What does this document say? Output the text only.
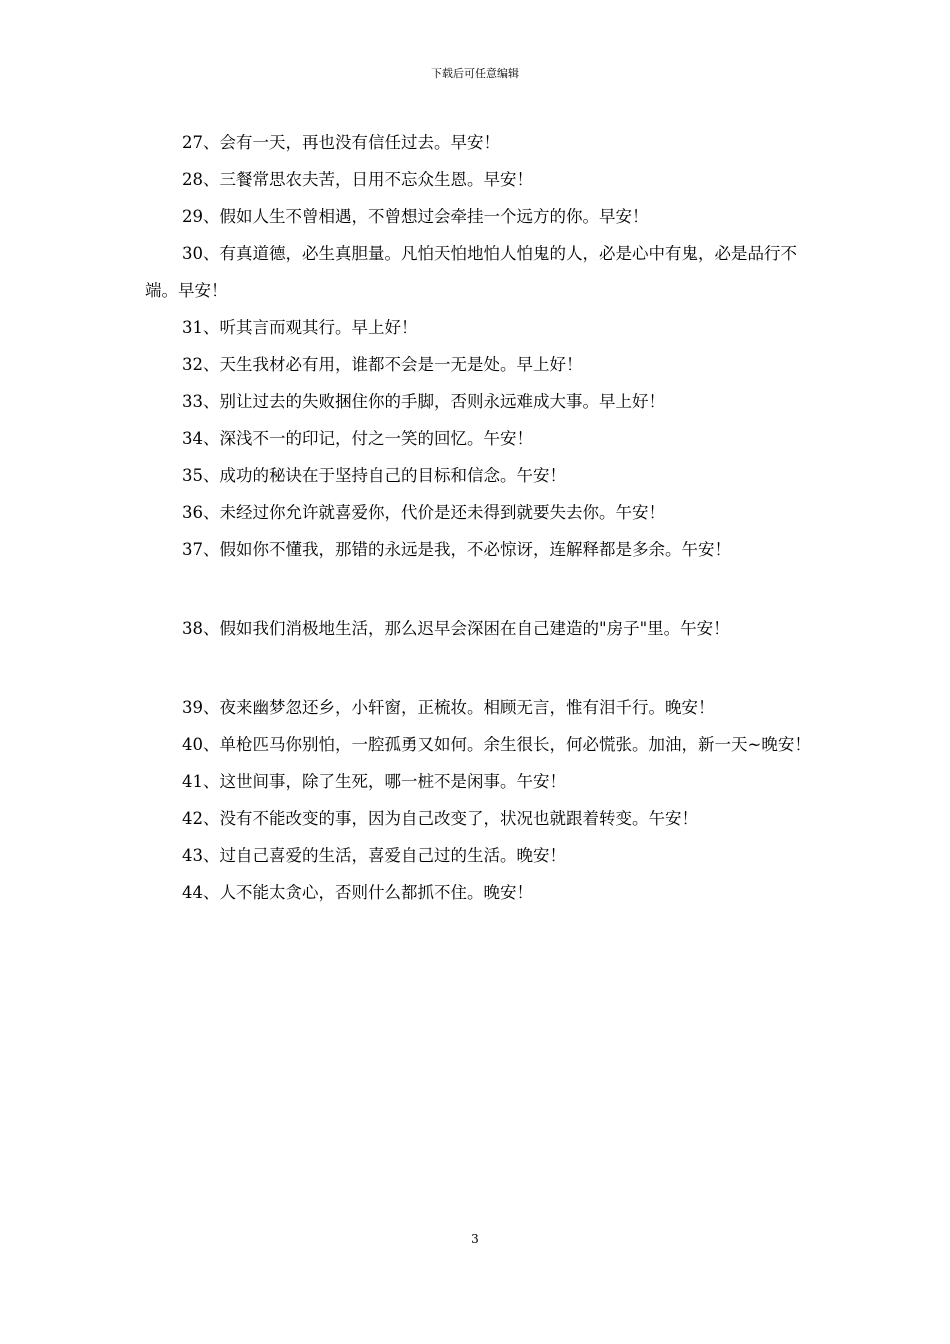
下载后可任意编辑

27、会有一天，再也没有信任过去。早安！

28、三餐常思农夫苦，日用不忘众生恩。早安！

29、假如人生不曾相遇，不曾想过会牵挂一个远方的你。早安！

30、有真道德，必生真胆量。凡怕天怕地怕人怕鬼的人，必是心中有鬼，必是品行不端。早安！

31、听其言而观其行。早上好！

32、天生我材必有用，谁都不会是一无是处。早上好！

33、别让过去的失败捆住你的手脚，否则永远难成大事。早上好！

34、深浅不一的印记，付之一笑的回忆。午安！

35、成功的秘诀在于坚持自己的目标和信念。午安！

36、未经过你允许就喜爱你，代价是还未得到就要失去你。午安！

37、假如你不懂我，那错的永远是我，不必惊讶，连解释都是多余。午安！

38、假如我们消极地生活，那么迟早会深困在自己建造的"房子"里。午安！

39、夜来幽梦忽还乡，小轩窗，正梳妆。相顾无言，惟有泪千行。晚安！

40、单枪匹马你别怕，一腔孤勇又如何。余生很长，何必慌张。加油，新一天~晚安！

41、这世间事，除了生死，哪一桩不是闲事。午安！

42、没有不能改变的事，因为自己改变了，状况也就跟着转变。午安！

43、过自己喜爱的生活，喜爱自己过的生活。晚安！

44、人不能太贪心，否则什么都抓不住。晚安！

3
